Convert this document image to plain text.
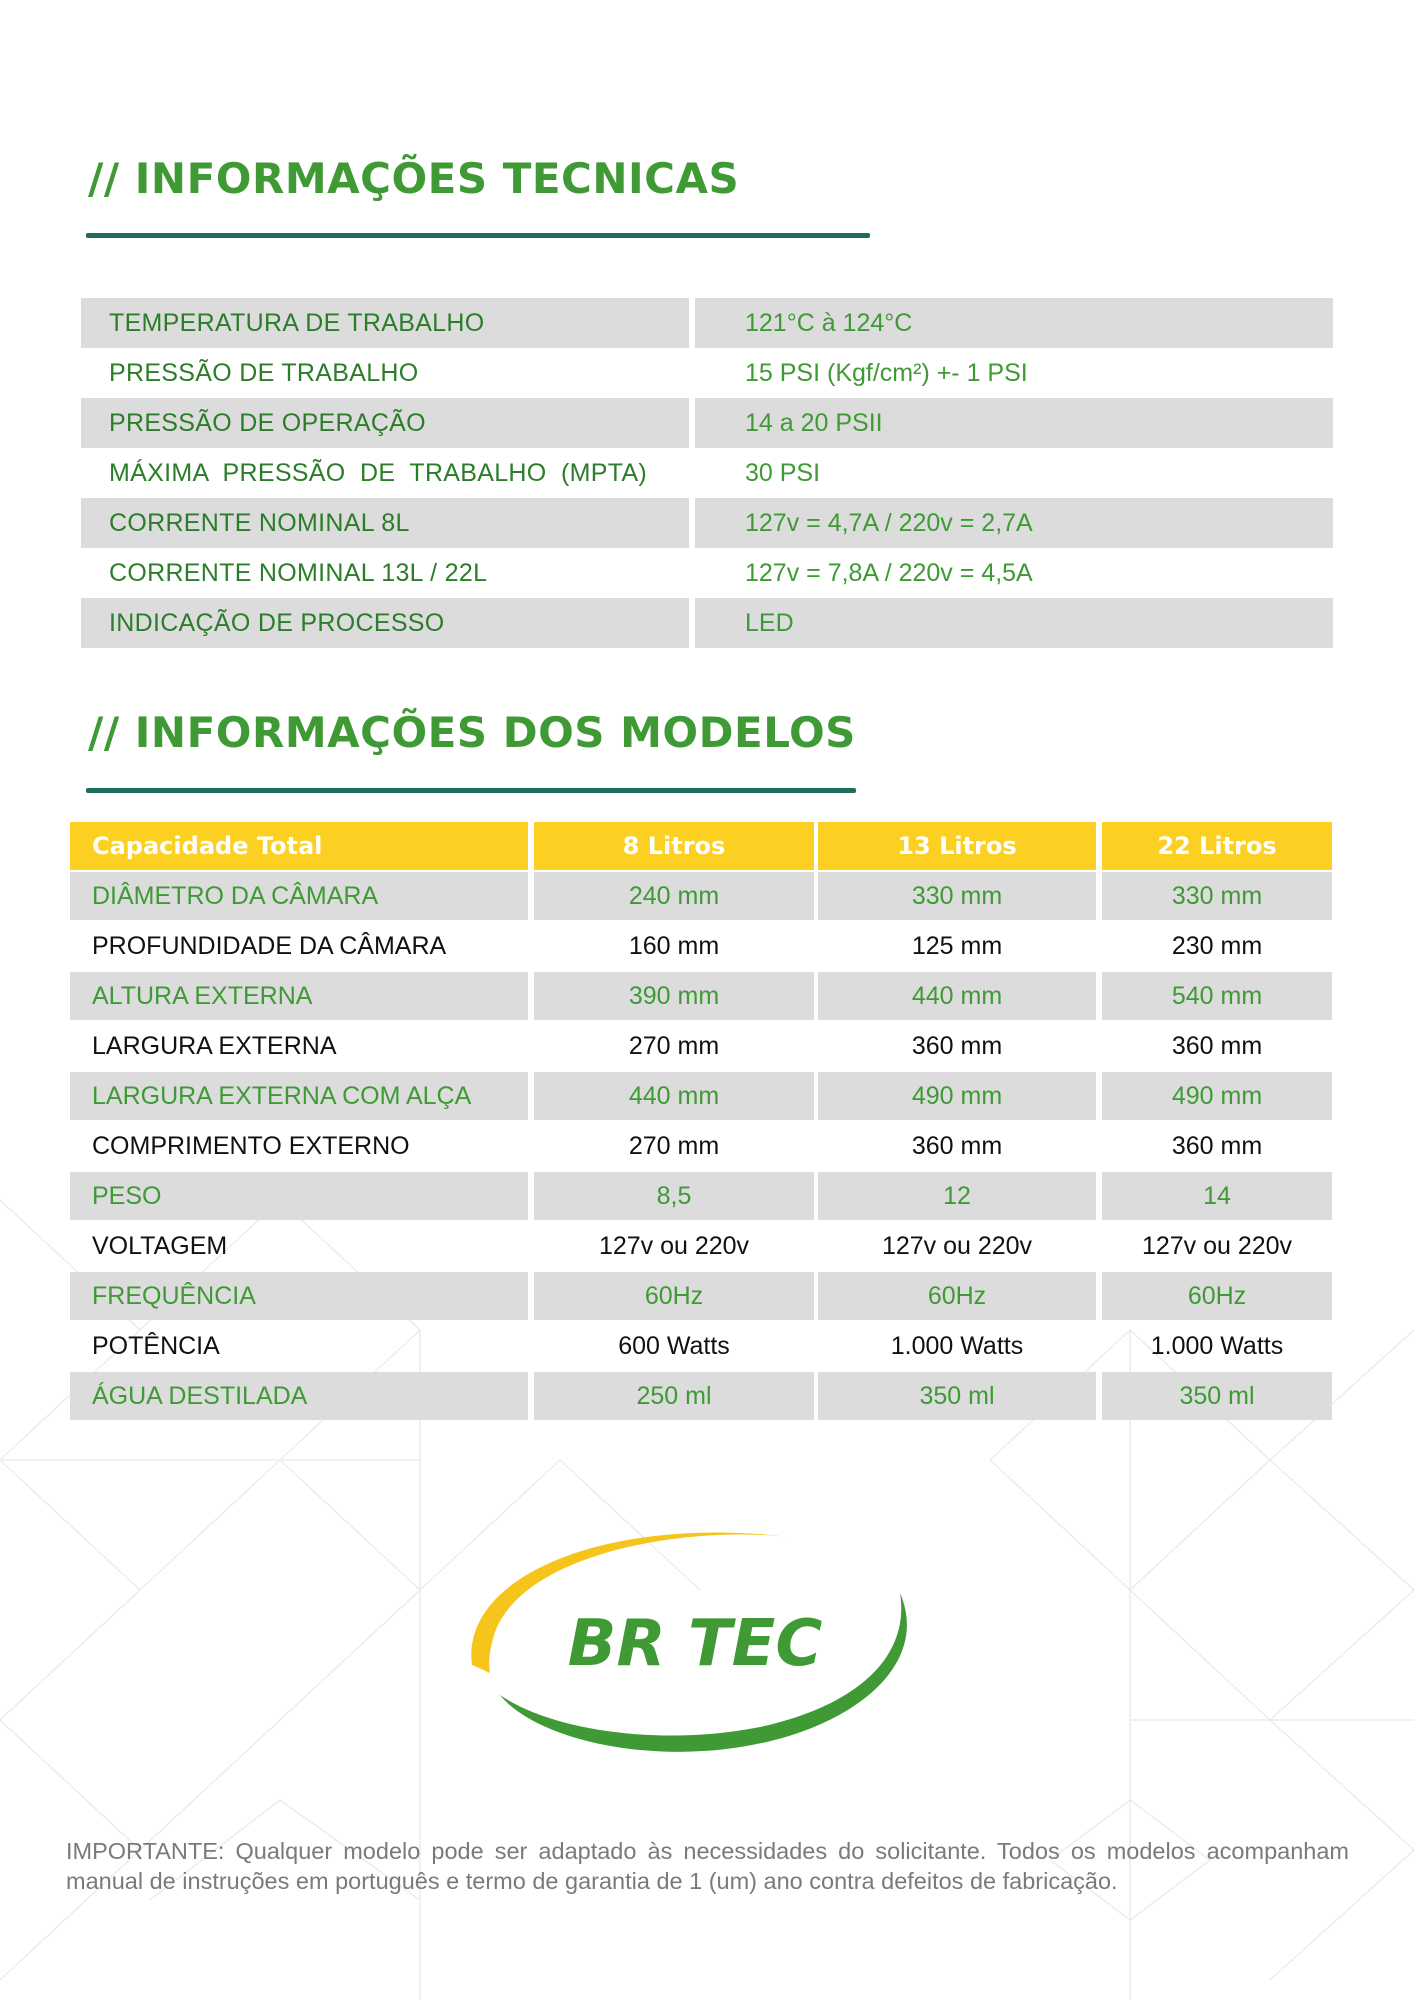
// INFORMAÇÕES TECNICAS
TEMPERATURA DE TRABALHO	121°C à 124°C
PRESSÃO DE TRABALHO	15 PSI (Kgf/cm²) +- 1 PSI
PRESSÃO DE OPERAÇÃO	14 a 20 PSII
MÁXIMA  PRESSÃO  DE  TRABALHO  (MPTA)	30 PSI
CORRENTE NOMINAL 8L	127v = 4,7A / 220v = 2,7A
CORRENTE NOMINAL 13L / 22L	127v = 7,8A / 220v = 4,5A
INDICAÇÃO DE PROCESSO	LED
// INFORMAÇÕES DOS MODELOS
Capacidade Total	8 Litros	13 Litros	22 Litros
DIÂMETRO DA CÂMARA	240 mm	330 mm	330 mm
PROFUNDIDADE DA CÂMARA	160 mm	125 mm	230 mm
ALTURA EXTERNA	390 mm	440 mm	540 mm
LARGURA EXTERNA	270 mm	360 mm	360 mm
LARGURA EXTERNA COM ALÇA	440 mm	490 mm	490 mm
COMPRIMENTO EXTERNO	270 mm	360 mm	360 mm
PESO	8,5	12	14
VOLTAGEM	127v ou 220v	127v ou 220v	127v ou 220v
FREQUÊNCIA	60Hz	60Hz	60Hz
POTÊNCIA	600 Watts	1.000 Watts	1.000 Watts
ÁGUA DESTILADA	250 ml	350 ml	350 ml
BR TEC
IMPORTANTE: Qualquer modelo pode ser adaptado às necessidades do solicitante. Todos os modelos acompanham manual de instruções em português e termo de garantia de 1 (um) ano contra defeitos de fabricação.
